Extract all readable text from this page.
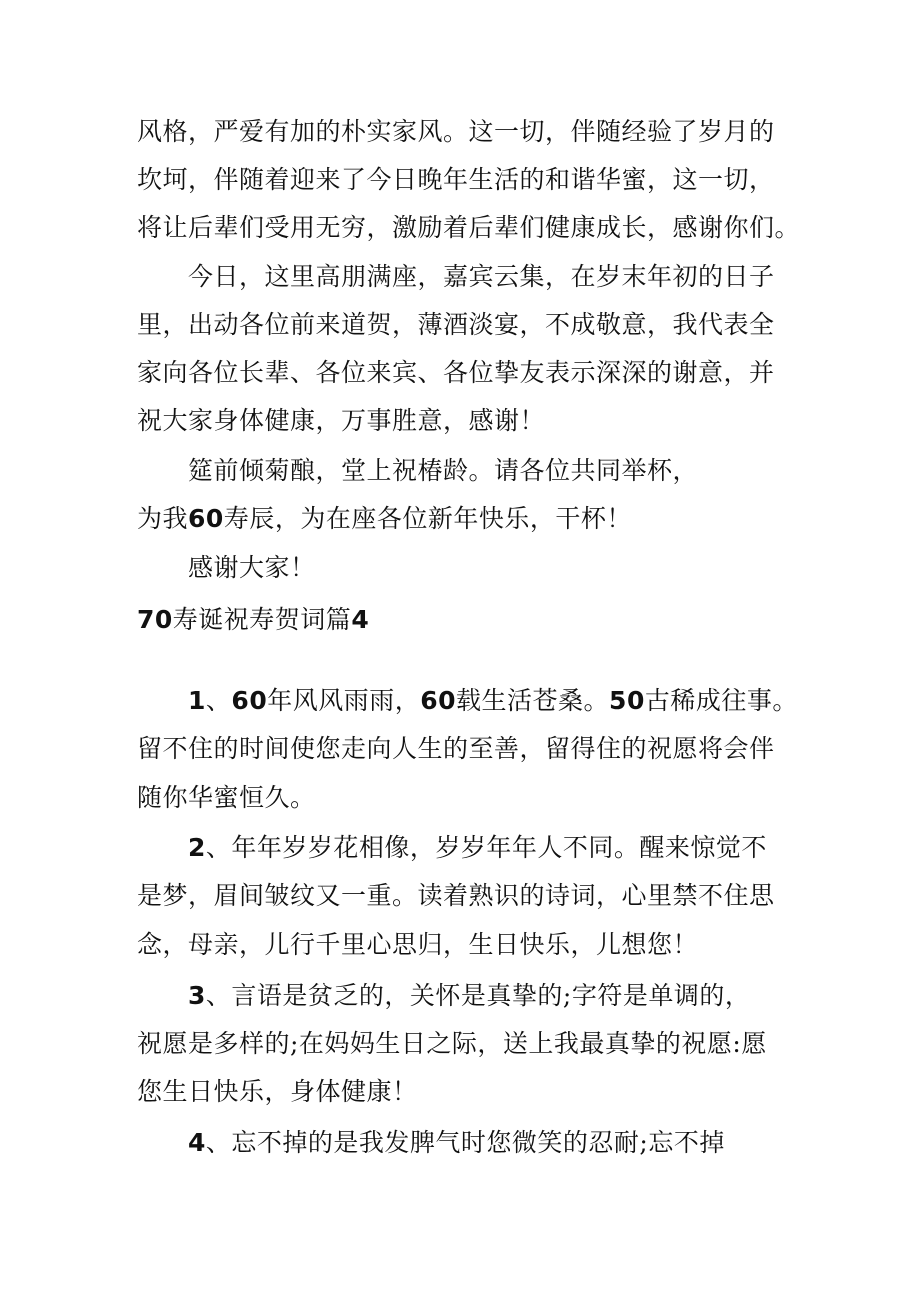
风格，严爱有加的朴实家风。这一切，伴随经验了岁月的
坎坷，伴随着迎来了今日晚年生活的和谐华蜜，这一切，
将让后辈们受用无穷，激励着后辈们健康成长，感谢你们。
今日，这里高朋满座，嘉宾云集，在岁末年初的日子
里，出动各位前来道贺，薄酒淡宴，不成敬意，我代表全
家向各位长辈、各位来宾、各位挚友表示深深的谢意，并
祝大家身体健康，万事胜意，感谢！
筵前倾菊酿，堂上祝椿龄。请各位共同举杯，
为我60寿辰，为在座各位新年快乐，干杯！
感谢大家！
70寿诞祝寿贺词篇4
1、60年风风雨雨，60载生活苍桑。50古稀成往事。
留不住的时间使您走向人生的至善，留得住的祝愿将会伴
随你华蜜恒久。
2、年年岁岁花相像，岁岁年年人不同。醒来惊觉不
是梦，眉间皱纹又一重。读着熟识的诗词，心里禁不住思
念，母亲，儿行千里心思归，生日快乐，儿想您！
3、言语是贫乏的，关怀是真挚的;字符是单调的，
祝愿是多样的;在妈妈生日之际，送上我最真挚的祝愿:愿
您生日快乐，身体健康！
4、忘不掉的是我发脾气时您微笑的忍耐;忘不掉
